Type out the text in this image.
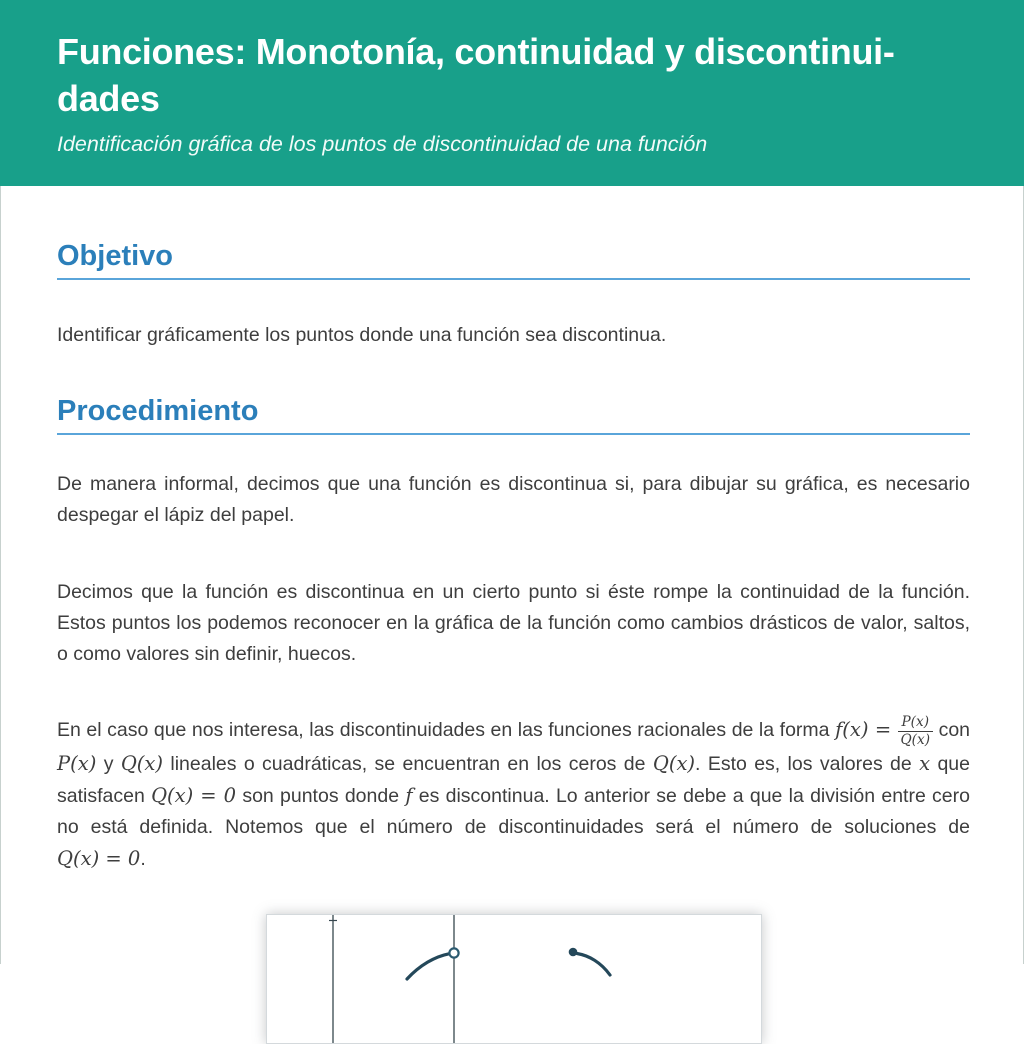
Funciones: Monotonía, continuidad y discontinui-
dades

Identificación gráfica de los puntos de discontinuidad de una función

Objetivo

Identificar gráficamente los puntos donde una función sea discontinua.

Procedimiento

De manera informal, decimos que una función es discontinua si, para dibujar su gráfica, es necesario despegar el lápiz del papel.

Decimos que la función es discontinua en un cierto punto si éste rompe la continuidad de la función. Estos puntos los podemos reconocer en la gráfica de la función como cambios drásticos de valor, saltos, o como valores sin definir, huecos.

En el caso que nos interesa, las discontinuidades en las funciones racionales de la forma $f(x) = \frac{P(x)}{Q(x)}$ con P(x) y Q(x) lineales o cuadráticas, se encuentran en los ceros de Q(x). Esto es, los valores de x que satisfacen Q(x) = 0 son puntos donde f es discontinua. Lo anterior se debe a que la división entre cero no está definida. Notemos que el número de discontinuidades será el número de soluciones de Q(x) = 0.
